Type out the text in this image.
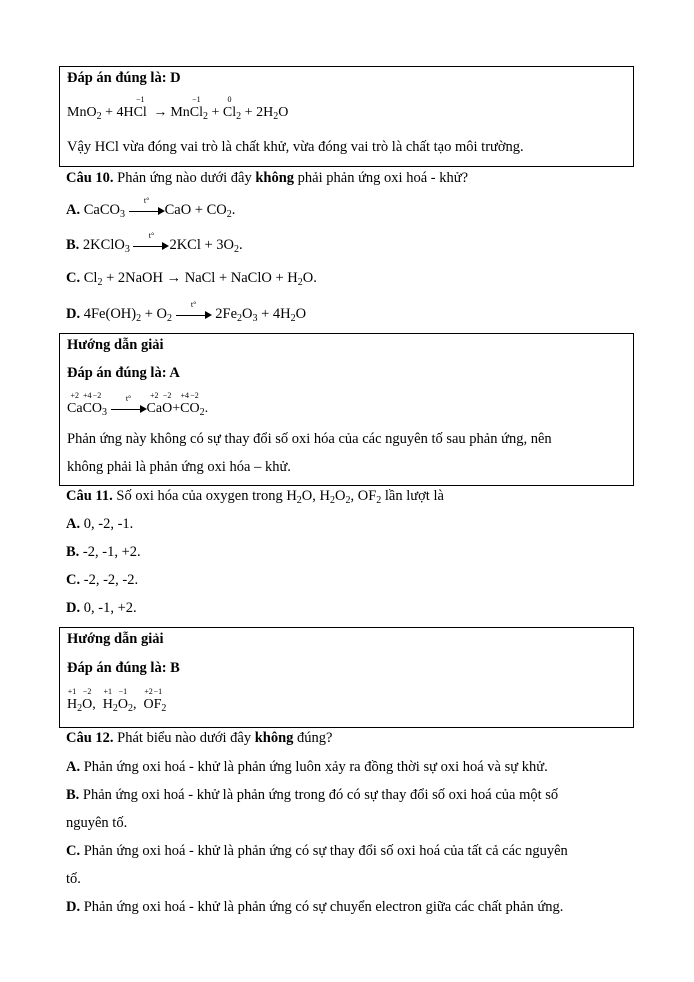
Đáp án đúng là: D
MnO$_2$ + 4H
−1
Cl → Mn
−1
$Cl_2$ +
0
$Cl_2 + 2H_2O$
Vậy HCl vừa đóng vai trò là chất khử, vừa đóng vai trò là chất tạo môi trường.
Câu 10. Phản ứng nào dưới đây không phải phản ứng oxi hoá - khử?
A. CaCO$_3$
t°
CaO + $CO_2$.
B. 2KClO$_3$
t°
$2KCl + 3O_2$.
C. $Cl_2$ + 2NaOH → NaCl + NaClO + $H_2O$.
D. $4Fe(OH)_2 + O_2$
t°
$2Fe_2O_3 + 4H_2O$
Hướng dẫn giải
Đáp án đúng là: A
+2
Ca
+4
C
−2
$O_3$
t°	+2
Ca
−2
O+
+4
C
−2
$O_2$.
Phản ứng này không có sự thay đổi số oxi hóa của các nguyên tố sau phản ứng, nên
không phải là phản ứng oxi hóa – khử.
Câu 11. Số oxi hóa của oxygen trong $H_2O$, $H_2O_2$, $OF_2$ lần lượt là
A. 0, -2, -1.
B. -2, -1, +2.
C. -2, -2, -2.
D. 0, -1, +2.
Hướng dẫn giải
Đáp án đúng là: B
+1
$H_2$
−2
O,
+1
$H_2$
−1
$O_2$,
+2
O
−1
$F_2$
Câu 12. Phát biểu nào dưới đây không đúng?
A. Phản ứng oxi hoá - khử là phản ứng luôn xảy ra đồng thời sự oxi hoá và sự khử.
B. Phản ứng oxi hoá - khử là phản ứng trong đó có sự thay đổi số oxi hoá của một số
nguyên tố.
C. Phản ứng oxi hoá - khử là phản ứng có sự thay đổi số oxi hoá của tất cả các nguyên
tố.
D. Phản ứng oxi hoá - khử là phản ứng có sự chuyển electron giữa các chất phản ứng.
